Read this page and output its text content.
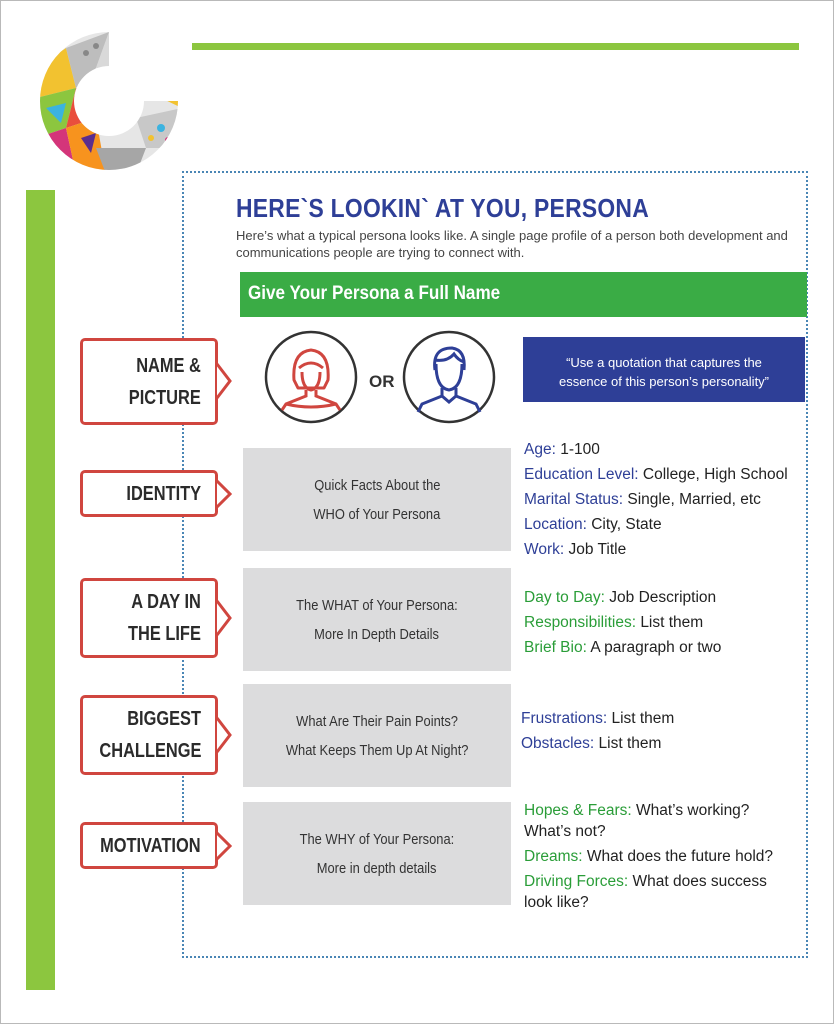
HERE`S LOOKIN` AT YOU, PERSONA
Here’s what a typical persona looks like. A single page profile of a person both development and communications people are trying to connect with.
Give Your Persona a Full Name
NAME &
PICTURE
IDENTITY
A DAY IN
THE LIFE
BIGGEST
CHALLENGE
MOTIVATION
OR
“Use a quotation that captures the essence of this person’s personality”
Quick Facts About the
WHO of Your Persona
The WHAT of Your Persona:
More In Depth Details
What Are Their Pain Points?
What Keeps Them Up At Night?
The WHY of Your Persona:
More in depth details
Age: 1-100
Education Level: College, High School
Marital Status: Single, Married, etc
Location: City, State
Work: Job Title
Day to Day: Job Description
Responsibilities: List them
Brief Bio: A paragraph or two
Frustrations: List them
Obstacles: List them
Hopes & Fears: What’s working? What’s not?
Dreams: What does the future hold?
Driving Forces: What does success look like?
